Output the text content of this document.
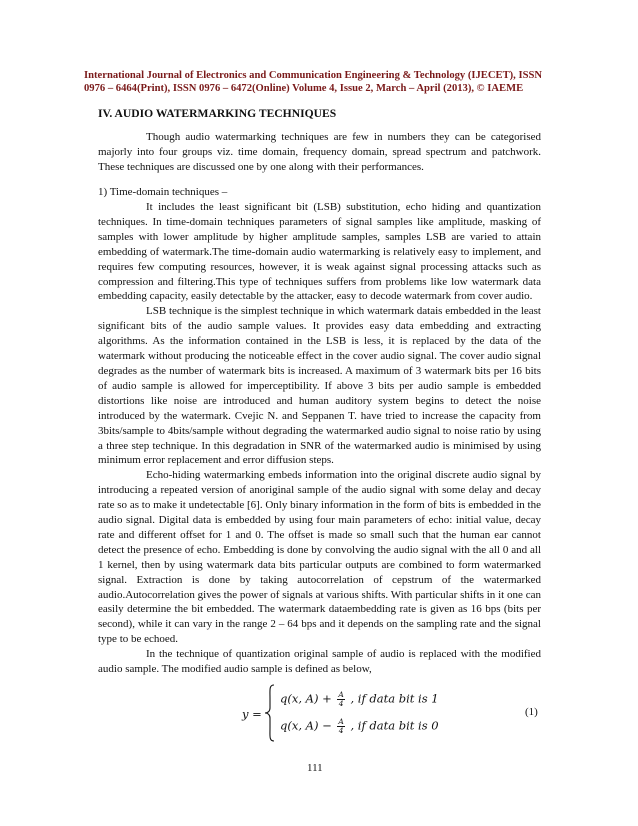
International Journal of Electronics and Communication Engineering & Technology (IJECET), ISSN
0976 – 6464(Print), ISSN 0976 – 6472(Online) Volume 4, Issue 2, March – April (2013), © IAEME
IV. AUDIO WATERMARKING TECHNIQUES

Though audio watermarking techniques are few in numbers they can be categorised majorly into four groups viz. time domain, frequency domain, spread spectrum and patchwork. These techniques are discussed one by one along with their performances.

1) Time-domain techniques –

It includes the least significant bit (LSB) substitution, echo hiding and quantization techniques. In time-domain techniques parameters of signal samples like amplitude, masking of samples with lower amplitude by higher amplitude samples, samples LSB are varied to attain embedding of watermark.The time-domain audio watermarking is relatively easy to implement, and requires few computing resources, however, it is weak against signal processing attacks such as compression and filtering.This type of techniques suffers from problems like low watermark data embedding capacity, easily detectable by the attacker, easy to decode watermark from cover audio.

LSB technique is the simplest technique in which watermark datais embedded in the least significant bits of the audio sample values. It provides easy data embedding and extracting algorithms. As the information contained in the LSB is less, it is replaced by the data of the watermark without producing the noticeable effect in the cover audio signal. The cover audio signal degrades as the number of watermark bits is increased. A maximum of 3 watermark bits per 16 bits of audio sample is allowed for imperceptibility. If above 3 bits per audio sample is embedded distortions like noise are introduced and human auditory system begins to detect the noise introduced by the watermark. Cvejic N. and Seppanen T. have tried to increase the capacity from 3bits/sample to 4bits/sample without degrading the watermarked audio signal to noise ratio by using a three step technique. In this degradation in SNR of the watermarked audio is minimised by using minimum error replacement and error diffusion steps.

Echo-hiding watermarking embeds information into the original discrete audio signal by introducing a repeated version of anoriginal sample of the audio signal with some delay and decay rate so as to make it undetectable [6]. Only binary information in the form of bits is embedded in the audio signal. Digital data is embedded by using four main parameters of echo: initial value, decay rate and different offset for 1 and 0. The offset is made so small such that the human ear cannot detect the presence of echo. Embedding is done by convolving the audio signal with the all 0 and all 1 kernel, then by using watermark data bits particular outputs are combined to form watermarked signal. Extraction is done by taking autocorrelation of cepstrum of the watermarked audio.Autocorrelation gives the power of signals at various shifts. With particular shifts in it one can easily determine the bit embedded. The watermark dataembedding rate is given as 16 bps (bits per second), while it can vary in the range 2 – 64 bps and it depends on the sampling rate and the signal type to be echoed.

In the technique of quantization original sample of audio is replaced with the modified audio sample. The modified audio sample is defined as below,

y =
q(x, $A) + \frac{A}{4}$ , if data bit is 1
q(x, $A) - \frac{A}{4}$ , if data bit is 0
(1)
111
